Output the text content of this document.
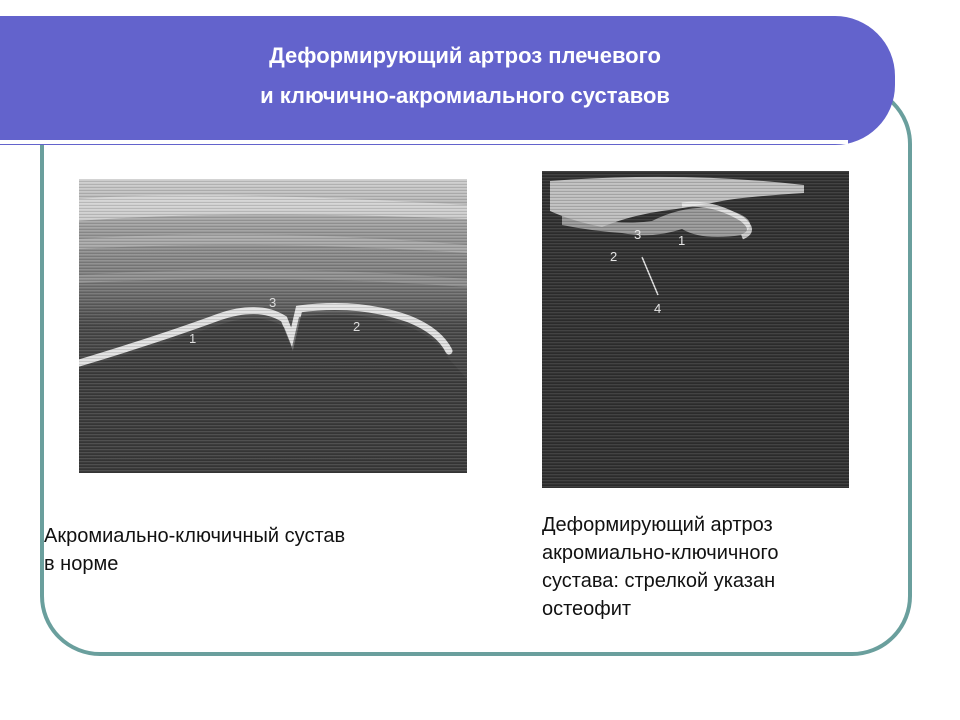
Деформирующий артроз плечевого
и ключично-акромиального суставов
1
3
2
3	1
2
4
Акромиально-ключичный сустав
в норме
Деформирующий артроз
акромиально-ключичного
сустава: стрелкой указан
остеофит
